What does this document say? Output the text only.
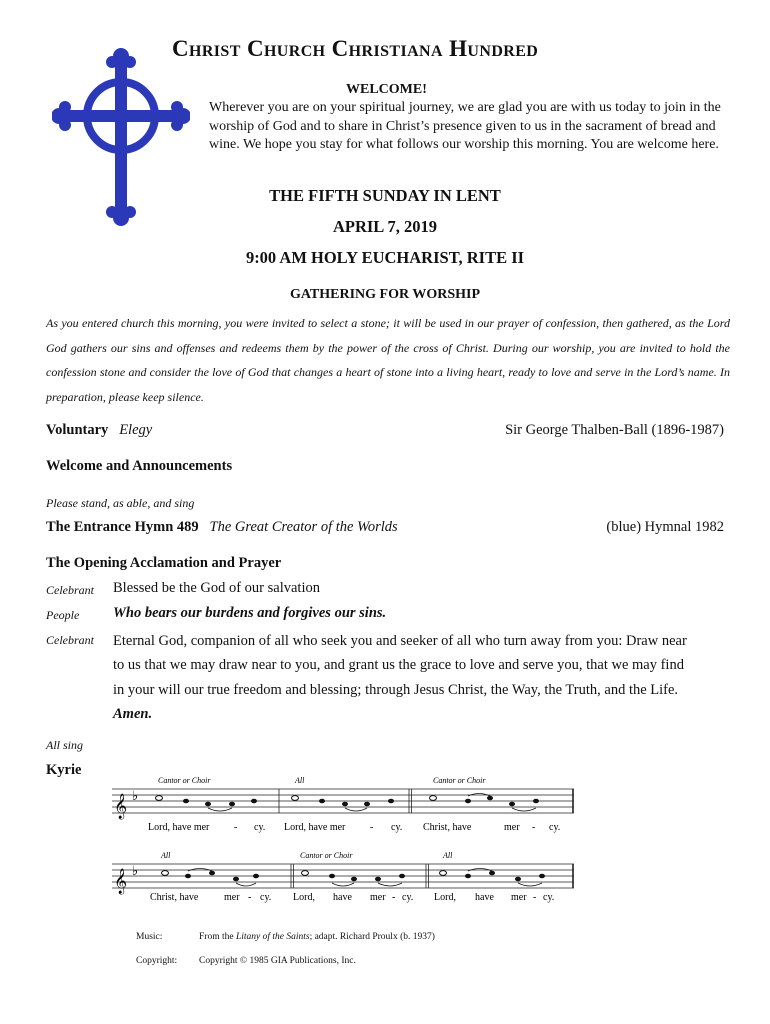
Christ Church Christiana Hundred
WELCOME!
Wherever you are on your spiritual journey, we are glad you are with us today to join in the worship of God and to share in Christ’s presence given to us in the sacrament of bread and wine. We hope you stay for what follows our worship this morning. You are welcome here.
THE FIFTH SUNDAY IN LENT
APRIL 7, 2019
9:00 AM HOLY EUCHARIST, RITE II
GATHERING FOR WORSHIP
As you entered church this morning, you were invited to select a stone; it will be used in our prayer of confession, then gathered, as the Lord God gathers our sins and offenses and redeems them by the power of the cross of Christ. During our worship, you are invited to hold the confession stone and consider the love of God that changes a heart of stone into a living heart, ready to love and serve in the Lord’s name. In preparation, please keep silence.
Voluntary Elegy	Sir George Thalben-Ball (1896-1987)
Welcome and Announcements
Please stand, as able, and sing
The Entrance Hymn 489 The Great Creator of the Worlds	(blue) Hymnal 1982
The Opening Acclamation and Prayer
Celebrant Blessed be the God of our salvation
People Who bears our burdens and forgives our sins.
Celebrant Eternal God, companion of all who seek you and seeker of all who turn away from you: Draw near to us that we may draw near to you, and grant us the grace to love and serve you, that we may find in your will our true freedom and blessing; through Jesus Christ, the Way, the Truth, and the Life. Amen.
All sing
Kyrie
𝄞 ♭
Cantor or Choir	All	Cantor or Choir
Lord, have mer - cy. Lord, have mer - cy. Christ, have	mer - cy.
𝄞 ♭
All	Cantor or Choir	All
Christ, have	mer - cy. Lord, have mer - cy. Lord, have mer - cy.
Music:	From the Litany of the Saints; adapt. Richard Proulx (b. 1937)
Copyright: Copyright © 1985 GIA Publications, Inc.
